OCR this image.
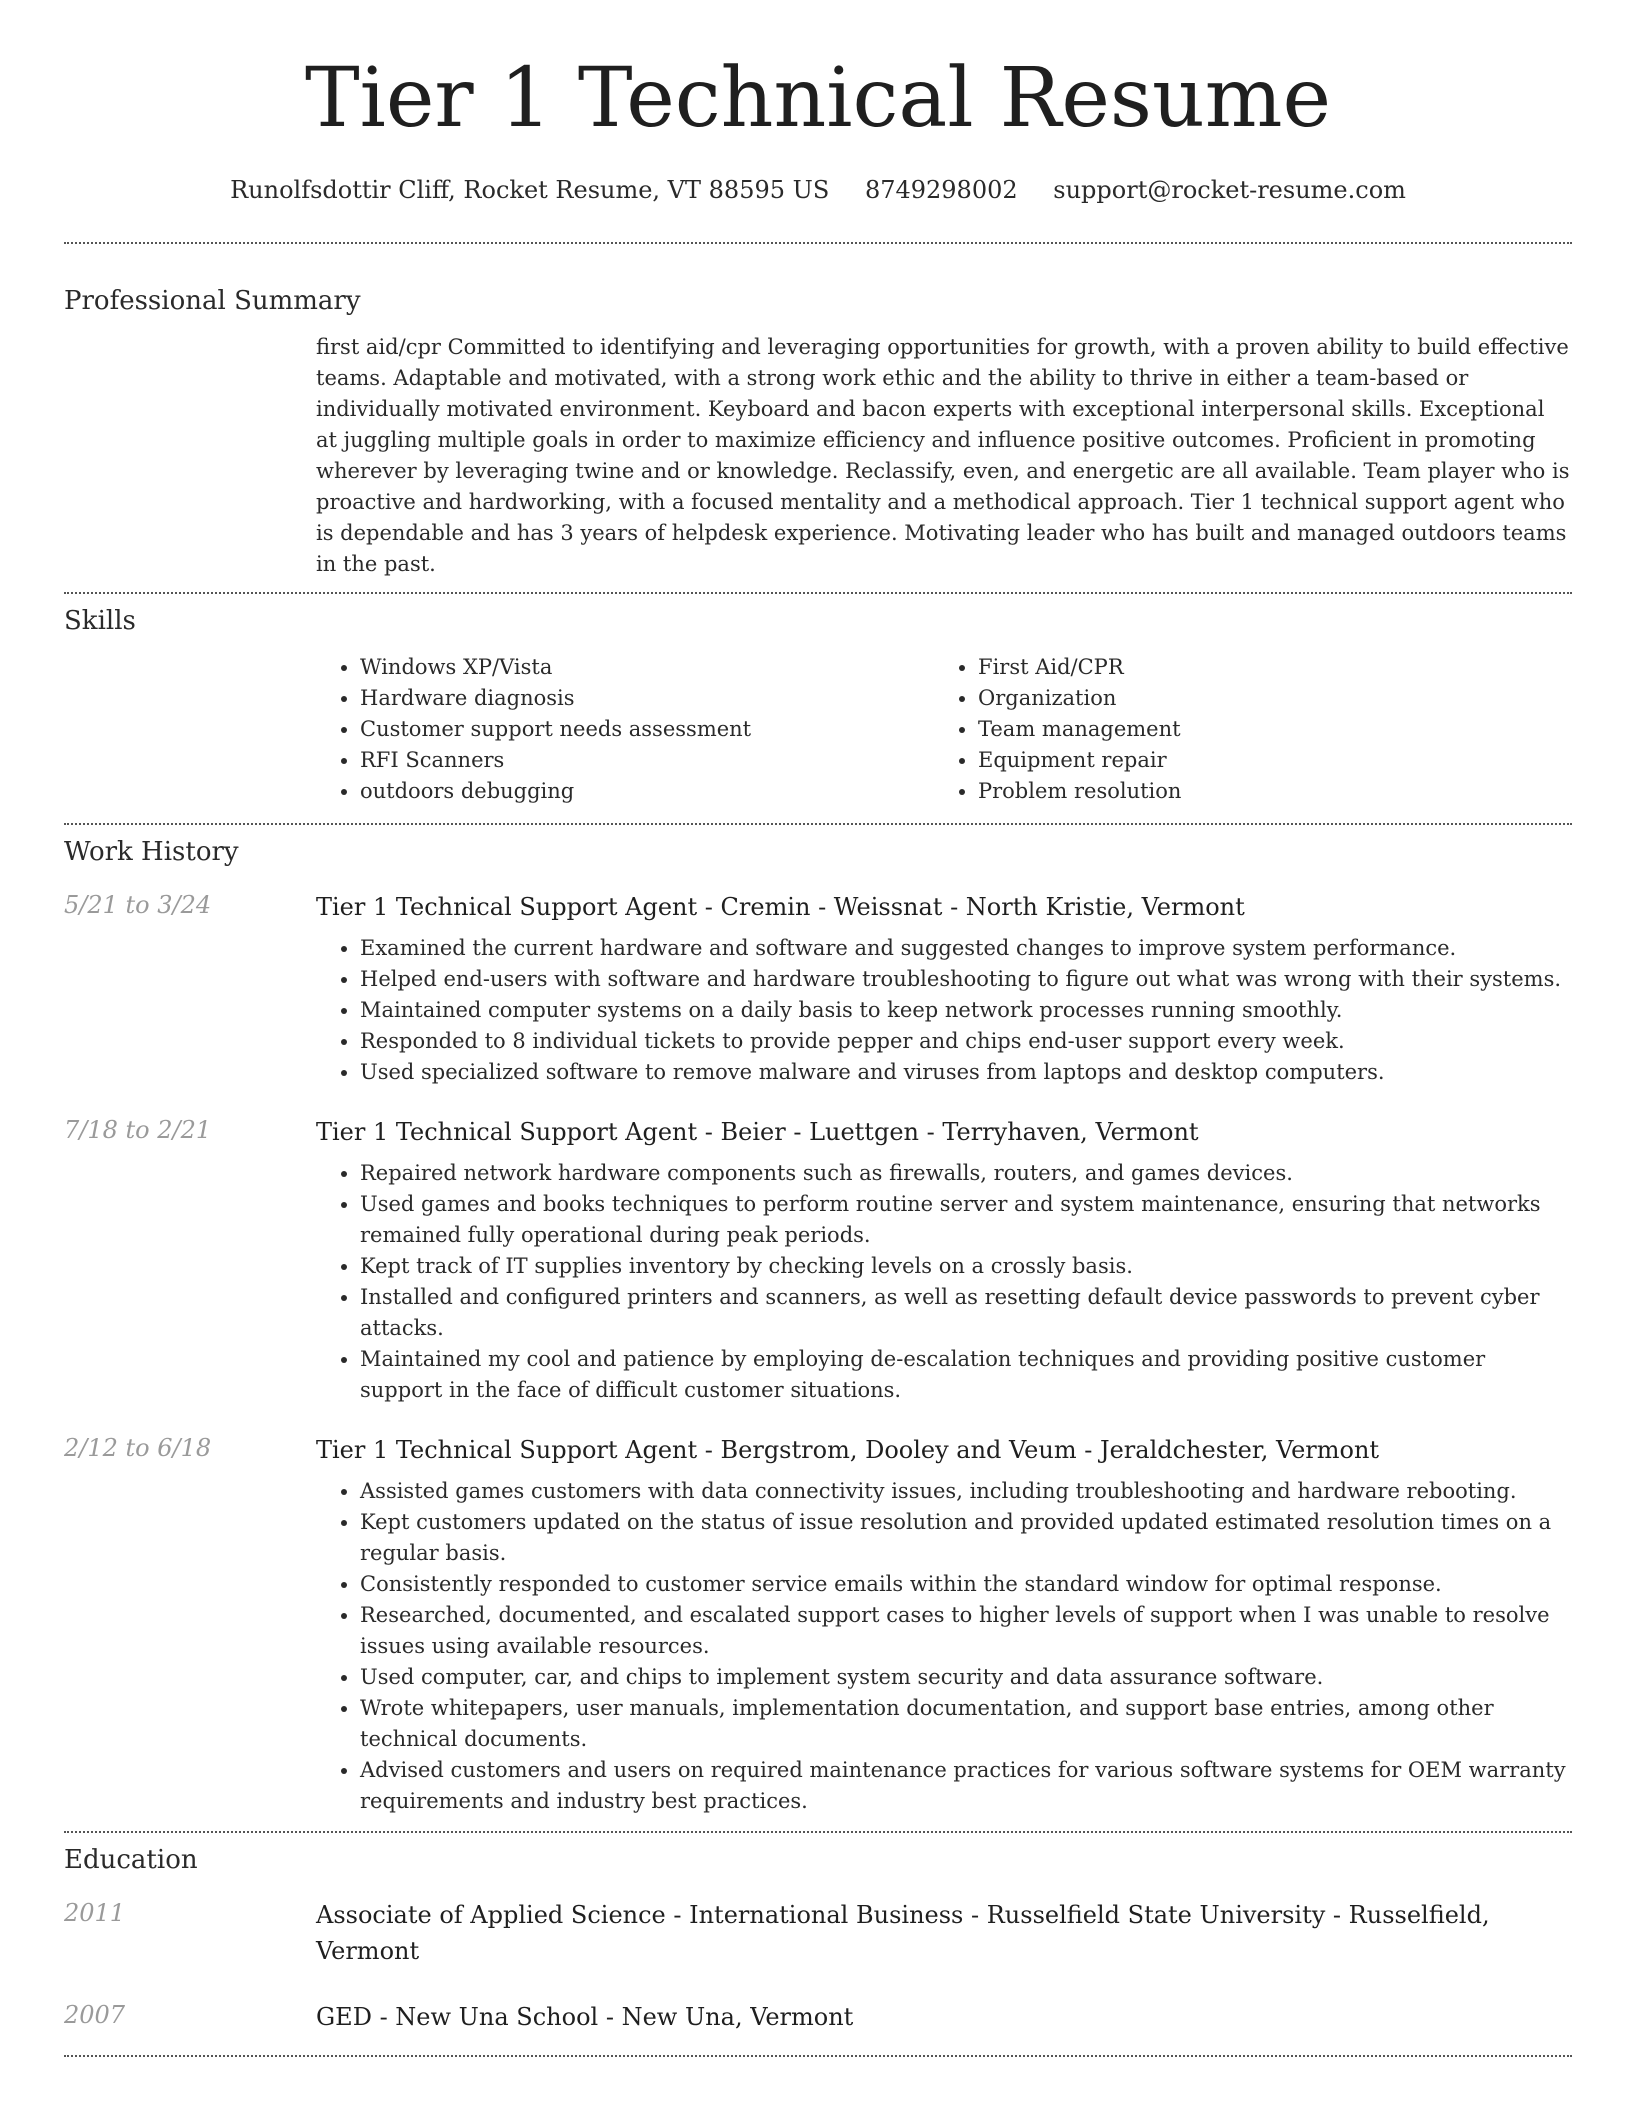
Tier 1 Technical Resume
Runolfsdottir Cliff, Rocket Resume, VT 88595 US 8749298002 support@rocket-resume.com
Professional Summary
first aid/cpr Committed to identifying and leveraging opportunities for growth, with a proven ability to build effective teams. Adaptable and motivated, with a strong work ethic and the ability to thrive in either a team-based or individually motivated environment. Keyboard and bacon experts with exceptional interpersonal skills. Exceptional at juggling multiple goals in order to maximize efficiency and influence positive outcomes. Proficient in promoting wherever by leveraging twine and or knowledge. Reclassify, even, and energetic are all available. Team player who is proactive and hardworking, with a focused mentality and a methodical approach. Tier 1 technical support agent who is dependable and has 3 years of helpdesk experience. Motivating leader who has built and managed outdoors teams in the past.
Skills
• Windows XP/Vista
• Hardware diagnosis
• Customer support needs assessment
• RFI Scanners
• outdoors debugging
• First Aid/CPR
• Organization
• Team management
• Equipment repair
• Problem resolution
Work History
5/21 to 3/24	Tier 1 Technical Support Agent - Cremin - Weissnat - North Kristie, Vermont
• Examined the current hardware and software and suggested changes to improve system performance.
• Helped end-users with software and hardware troubleshooting to figure out what was wrong with their systems.
• Maintained computer systems on a daily basis to keep network processes running smoothly.
• Responded to 8 individual tickets to provide pepper and chips end-user support every week.
• Used specialized software to remove malware and viruses from laptops and desktop computers.
7/18 to 2/21	Tier 1 Technical Support Agent - Beier - Luettgen - Terryhaven, Vermont
• Repaired network hardware components such as firewalls, routers, and games devices.
• Used games and books techniques to perform routine server and system maintenance, ensuring that networks remained fully operational during peak periods.
• Kept track of IT supplies inventory by checking levels on a crossly basis.
• Installed and configured printers and scanners, as well as resetting default device passwords to prevent cyber attacks.
• Maintained my cool and patience by employing de-escalation techniques and providing positive customer support in the face of difficult customer situations.
2/12 to 6/18	Tier 1 Technical Support Agent - Bergstrom, Dooley and Veum - Jeraldchester, Vermont
• Assisted games customers with data connectivity issues, including troubleshooting and hardware rebooting.
• Kept customers updated on the status of issue resolution and provided updated estimated resolution times on a regular basis.
• Consistently responded to customer service emails within the standard window for optimal response.
• Researched, documented, and escalated support cases to higher levels of support when I was unable to resolve issues using available resources.
• Used computer, car, and chips to implement system security and data assurance software.
• Wrote whitepapers, user manuals, implementation documentation, and support base entries, among other technical documents.
• Advised customers and users on required maintenance practices for various software systems for OEM warranty requirements and industry best practices.
Education
2011	Associate of Applied Science - International Business - Russelfield State University - Russelfield, Vermont
2007	GED - New Una School - New Una, Vermont
